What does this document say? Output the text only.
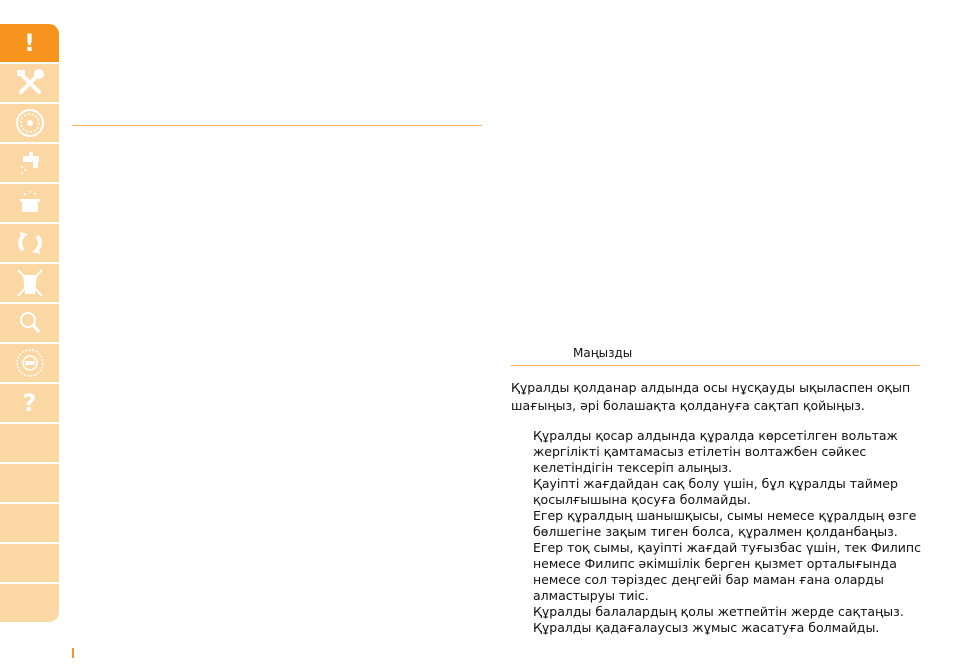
!
?
Маңызды
Құралды қолданар алдында осы нұсқауды ықыласпен оқып шағыңыз, әрі болашақта қолдануға сақтап қойыңыз.

Құралды қосар алдында құралда көрсетілген вольтаж жергілікті қамтамасыз етілетін волтажбен сәйкес келетіндігін тексеріп алыңыз.

Қауіпті жағдайдан сақ болу үшін, бұл құралды таймер қосылғышына қосуға болмайды.

Егер құралдың шанышқысы, сымы немесе құралдың өзге бөлшегіне зақым тиген болса, құралмен қолданбаңыз.

Егер тоқ сымы, қауіпті жағдай туғызбас үшін, тек Филипс немесе Филипс әкімшілік берген қызмет орталығында немесе сол тәріздес деңгейі бар маман ғана оларды алмастыруы тиіс.

Құралды балалардың қолы жетпейтін жерде сақтаңыз.

Құралды қадағалаусыз жұмыс жасатуға болмайды.
